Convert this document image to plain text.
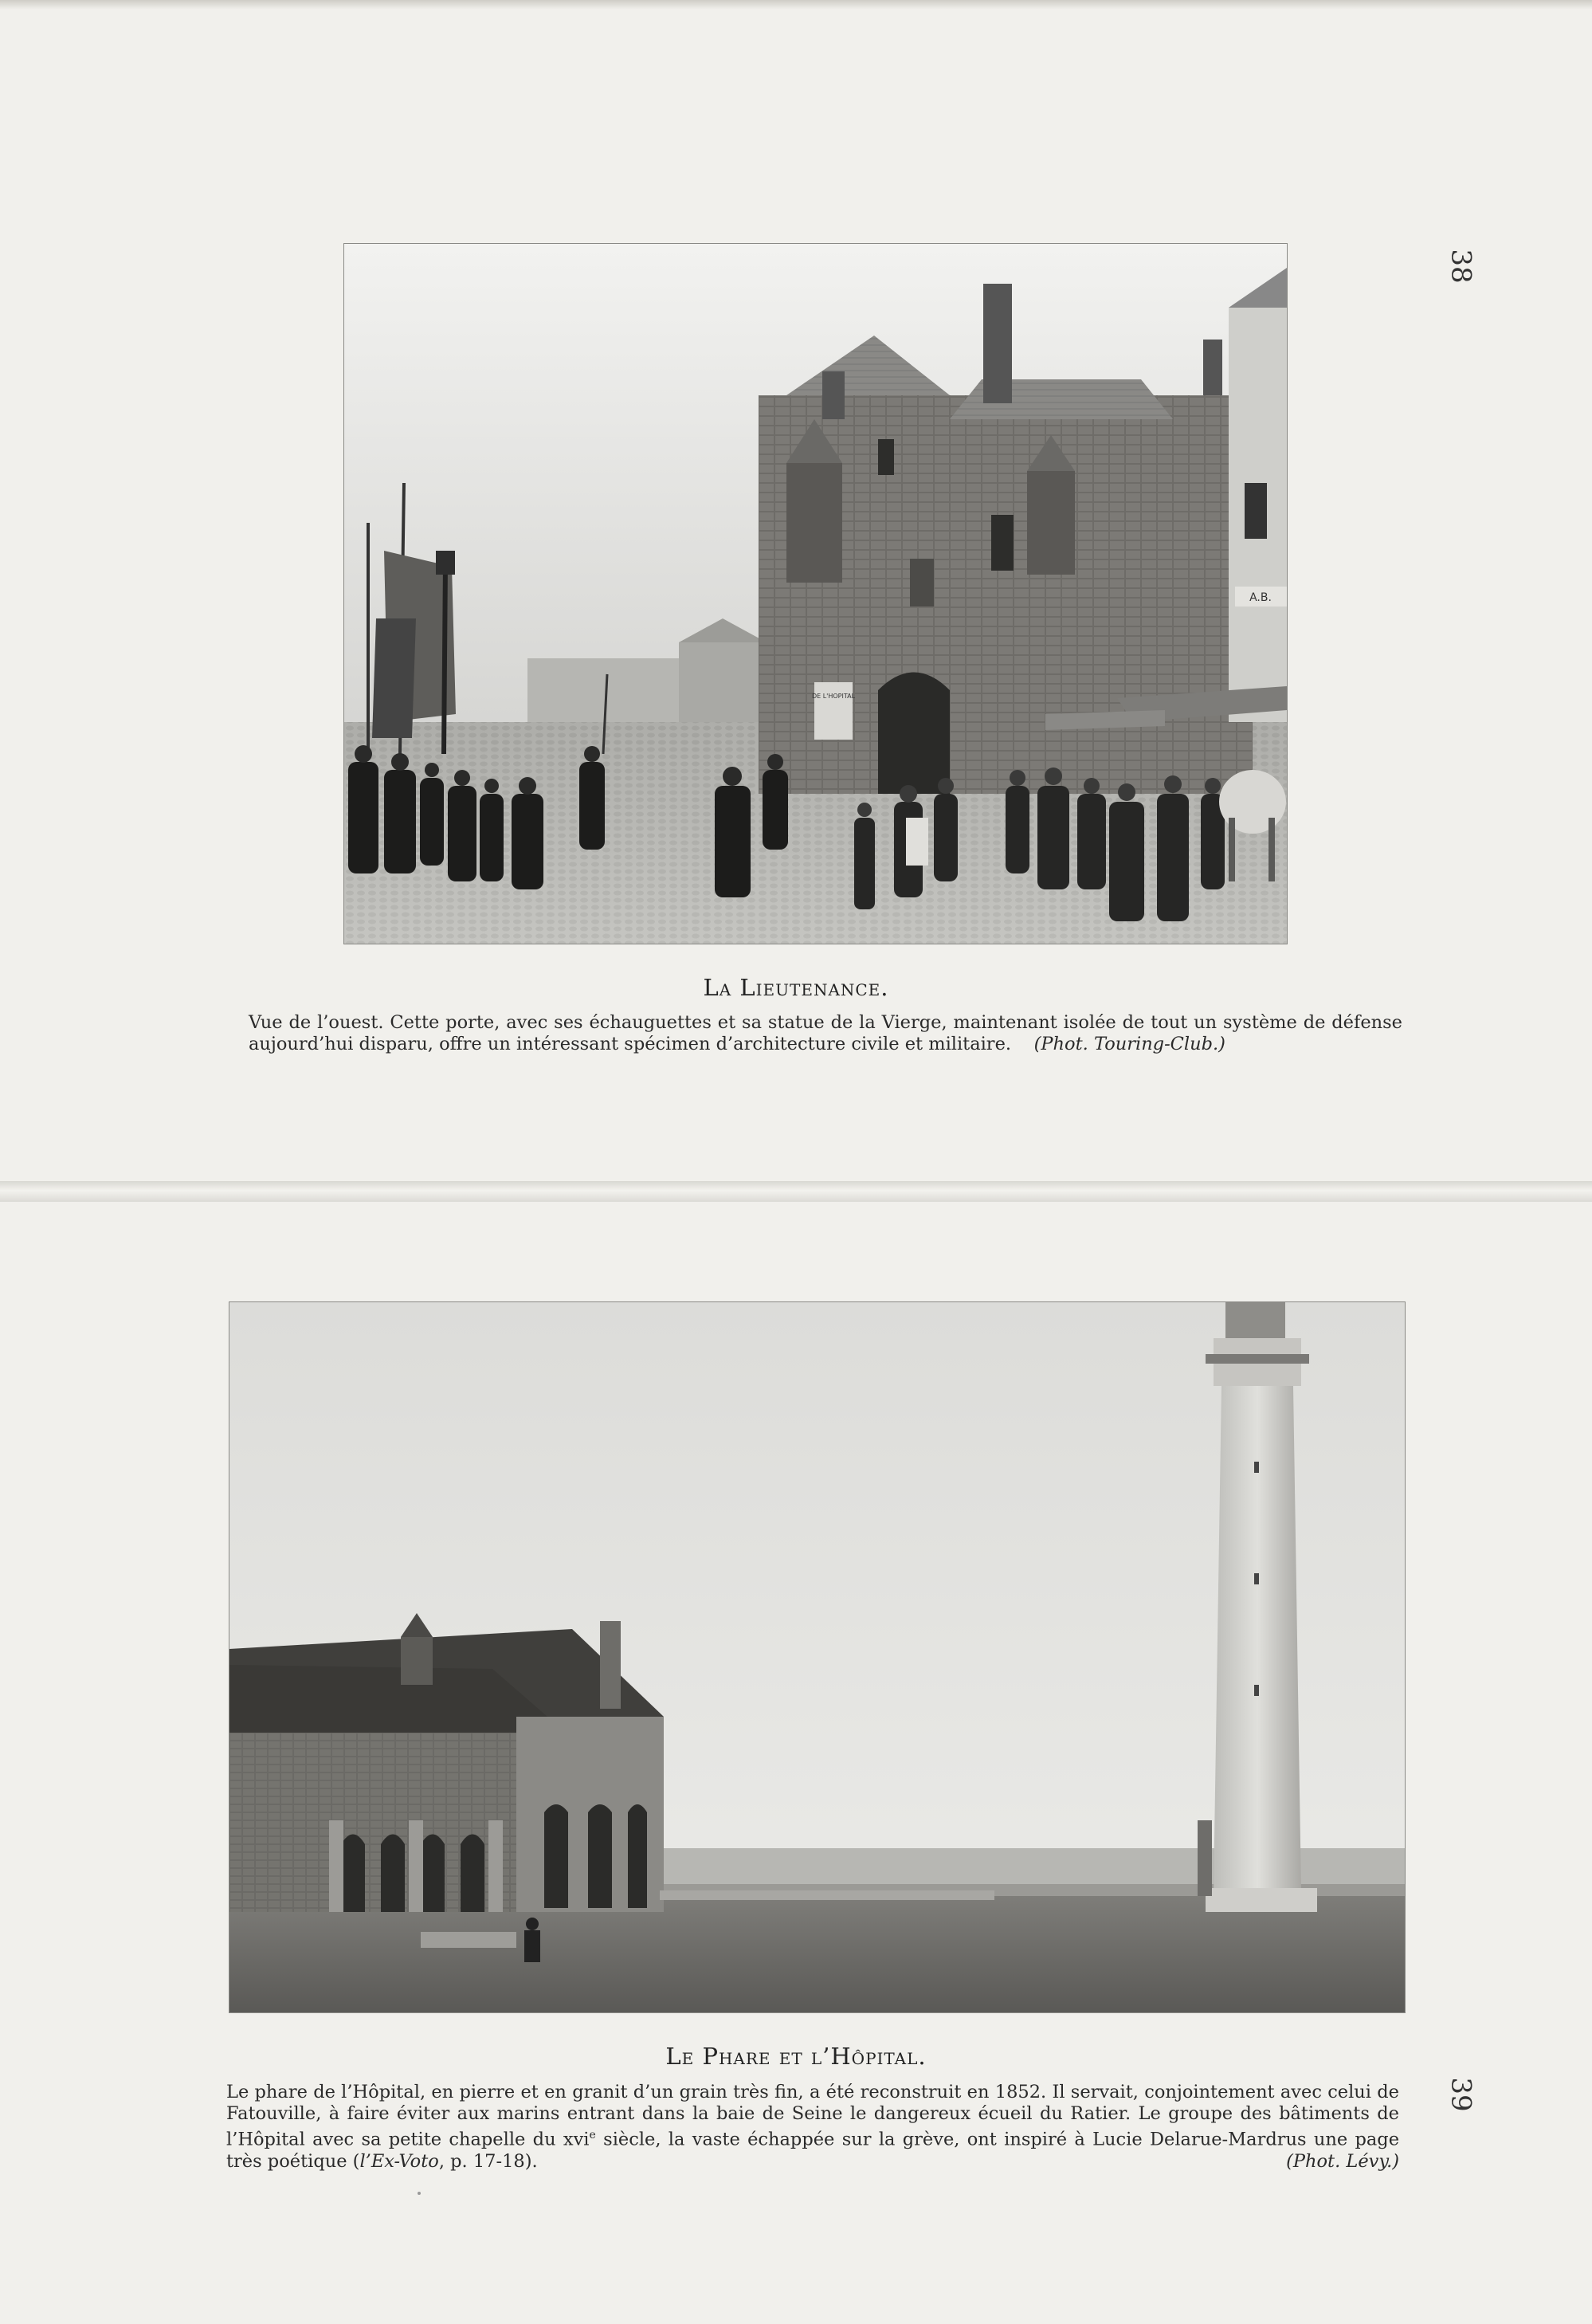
38
39
DE L'HOPITAL
A.B.
La Lieutenance.
Vue de l’ouest. Cette porte, avec ses échauguettes et sa statue de la Vierge, maintenant isolée de tout un système de défense aujourd’hui disparu, offre un intéressant spécimen d’architecture civile et militaire. (Phot. Touring-Club.)
Le Phare et l’Hôpital.
Le phare de l’Hôpital, en pierre et en granit d’un grain très fin, a été reconstruit en 1852. Il servait, conjointement avec celui de Fatouville, à faire éviter aux marins entrant dans la baie de Seine le dangereux écueil du Ratier. Le groupe des bâtiments de l’Hôpital avec sa petite chapelle du xvi$^e$ siècle, la vaste échappée sur la grève, ont inspiré à Lucie Delarue-Mardrus une page très poétique (l’Ex-Voto, p. 17-18).	(Phot. Lévy.)
